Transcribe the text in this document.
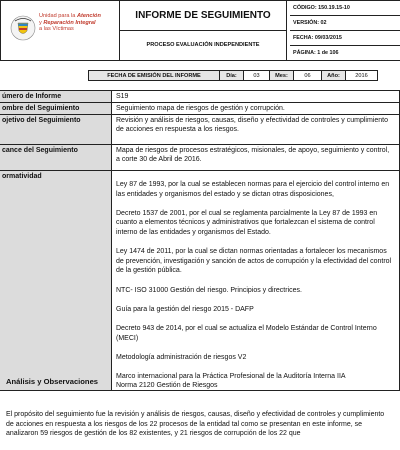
Unidad para la Atención
y Reparación Integral
a las Víctimas

INFORME DE SEGUIMIENTO
PROCESO EVALUACIÓN INDEPENDIENTE

CÓDIGO: 150.19.15-10
VERSIÓN: 02
FECHA: 09/03/2015
PÁGINA: 1 de 106
FECHA DE EMISIÓN DEL INFORME	Día:	03	Mes:	06	Año:	2016
úmero de Informe	S19
ombre del Seguimiento	Seguimiento mapa de riesgos de gestión y corrupción.
ojetivo del Seguimiento	Revisión y análisis de riesgos, causas, diseño y efectividad de controles y cumplimiento de acciones en respuesta a los riesgos.
cance del Seguimiento	Mapa de riesgos de procesos estratégicos, misionales, de apoyo, seguimiento y control, a corte 30 de Abril de 2016.
ormatividad
Ley 87 de 1993, por la cual se establecen normas para el ejercicio del control interno en las entidades y organismos del estado y se dictan otras disposiciones,
Decreto 1537 de 2001, por el cual se reglamenta parcialmente la Ley 87 de 1993 en cuanto a elementos técnicos y administrativos que fortalezcan el sistema de control interno de las entidades y organismos del Estado.
Ley 1474 de 2011, por la cual se dictan normas orientadas a fortalecer los mecanismos de prevención, investigación y sanción de actos de corrupción y la efectividad del control de la gestión pública.
NTC- ISO 31000 Gestión del riesgo. Principios y directrices.
Guía para la gestión del riesgo 2015 - DAFP
Decreto 943 de 2014, por el cual se actualiza el Modelo Estándar de Control Interno (MECI)
Metodología administración de riesgos V2
Marco internacional para la Práctica Profesional de la Auditoría Interna IIA
Norma 2120 Gestión de Riesgos
Análisis y Observaciones
El propósito del seguimiento fue la revisión y análisis de riesgos, causas, diseño y efectividad de controles y cumplimiento de acciones en respuesta a los riesgos de los 22 procesos de la entidad tal como se presentan en este informe, se analizaron 59 riesgos de gestión de los 82 existentes, y 21 riesgos de corrupción de los 22 que
